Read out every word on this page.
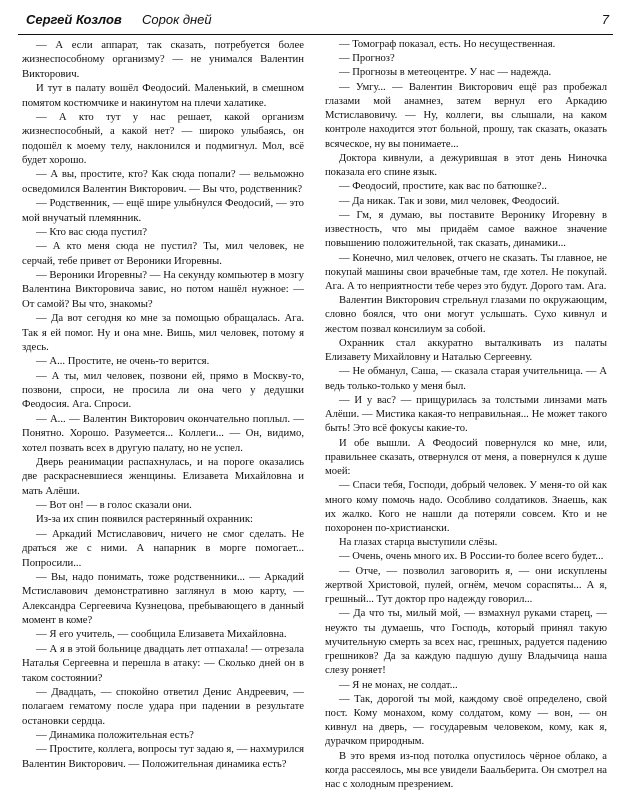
Сергей Козлов Сорок дней	7

— А если аппарат, так сказать, потребуется более жизнеспособному организму? — не унимался Валентин Викторович.

И тут в палату вошёл Феодосий. Маленький, в смешном помятом костюмчике и накинутом на плечи халатике.

— А кто тут у нас решает, какой организм жизнеспособный, а какой нет? — широко улыбаясь, он подошёл к моему телу, наклонился и подмигнул. Мол, всё будет хорошо.

— А вы, простите, кто? Как сюда попали? — вельможно осведомился Валентин Викторович. — Вы что, родственник?

— Родственник, — ещё шире улыбнулся Феодосий, — это мой внучатый племянник.

— Кто вас сюда пустил?

— А кто меня сюда не пустил? Ты, мил человек, не серчай, тебе привет от Вероники Игоревны.

— Вероники Игоревны? — На секунду компьютер в мозгу Валентина Викторовича завис, но потом нашёл нужное: — От самой? Вы что, знакомы?

— Да вот сегодня ко мне за помощью обращалась. Ага. Так я ей помог. Ну и она мне. Вишь, мил человек, потому я здесь.

— А... Простите, не очень-то верится.

— А ты, мил человек, позвони ей, прямо в Москву-то, позвони, спроси, не просила ли она чего у дедушки Феодосия. Ага. Спроси.

— А... — Валентин Викторович окончательно поплыл. — Понятно. Хорошо. Разумеется... Коллеги... — Он, видимо, хотел позвать всех в другую палату, но не успел.

Дверь реанимации распахнулась, и на пороге оказались две раскрасневшиеся женщины. Елизавета Михайловна и мать Алёши.

— Вот он! — в голос сказали они.

Из-за их спин появился растерянный охранник:

— Аркадий Мстиславович, ничего не смог сделать. Не драться же с ними. А напарник в морге помогает... Попросили...

— Вы, надо понимать, тоже родственники... — Аркадий Мстиславович демонстративно заглянул в мою карту, — Александра Сергеевича Кузнецова, пребывающего в данный момент в коме?

— Я его учитель, — сообщила Елизавета Михайловна.

— А я в этой больнице двадцать лет отпахала! — отрезала Наталья Сергеевна и перешла в атаку: — Сколько дней он в таком состоянии?

— Двадцать, — спокойно ответил Денис Андреевич, — полагаем гематому после удара при падении в результате остановки сердца.

— Динамика положительная есть?

— Простите, коллега, вопросы тут задаю я, — нахмурился Валентин Викторович. — Положительная динамика есть?

— Томограф показал, есть. Но несущественная.

— Прогноз?

— Прогнозы в метеоцентре. У нас — надежда.

— Умгу... — Валентин Викторович ещё раз пробежал глазами мой анамнез, затем вернул его Аркадию Мстиславовичу. — Ну, коллеги, вы слышали, на каком контроле находится этот больной, прошу, так сказать, оказать всяческое, ну вы понимаете...

Доктора кивнули, а дежурившая в этот день Ниночка показала его спине язык.

— Феодосий, простите, как вас по батюшке?..

— Да никак. Так и зови, мил человек, Феодосий.

— Гм, я думаю, вы поставите Веронику Игоревну в известность, что мы придаём самое важное значение повышению положительной, так сказать, динамики...

— Конечно, мил человек, отчего не сказать. Ты главное, не покупай машины свои врачебные там, где хотел. Не покупай. Ага. А то неприятности тебе через это будут. Дорого там. Ага.

Валентин Викторович стрельнул глазами по окружающим, словно боялся, что они могут услышать. Сухо кивнул и жестом позвал консилиум за собой.

Охранник стал аккуратно выталкивать из палаты Елизавету Михайловну и Наталью Сергеевну.

— Не обманул, Саша, — сказала старая учительница. — А ведь только-только у меня был.

— И у вас? — прищурилась за толстыми линзами мать Алёши. — Мистика какая-то неправильная... Не может такого быть! Это всё фокусы какие-то.

И обе вышли. А Феодосий повернулся ко мне, или, правильнее сказать, отвернулся от меня, а повернулся к душе моей:

— Спаси тебя, Господи, добрый человек. У меня-то ой как много кому помочь надо. Особливо солдатиков. Знаешь, как их жалко. Кого не нашли да потеряли совсем. Кто и не похоронен по-христиански.

На глазах старца выступили слёзы.

— Очень, очень много их. В России-то более всего будет...

— Отче, — позволил заговорить я, — они искуплены жертвой Христовой, пулей, огнём, мечом сораспяты... А я, грешный... Тут доктор про надежду говорил...

— Да что ты, милый мой, — взмахнул руками старец, — неужто ты думаешь, что Господь, который принял такую мучительную смерть за всех нас, грешных, радуется падению грешников? Да за каждую падшую душу Владычица наша слезу роняет!

— Я не монах, не солдат...

— Так, дорогой ты мой, каждому своё определено, свой пост. Кому монахом, кому солдатом, кому — вон, — он кивнул на дверь, — государевым человеком, кому, как я, дурачком природным.

В это время из-под потолка опустилось чёрное облако, а когда рассеялось, мы все увидели Баальберита. Он смотрел на нас с холодным презрением.
